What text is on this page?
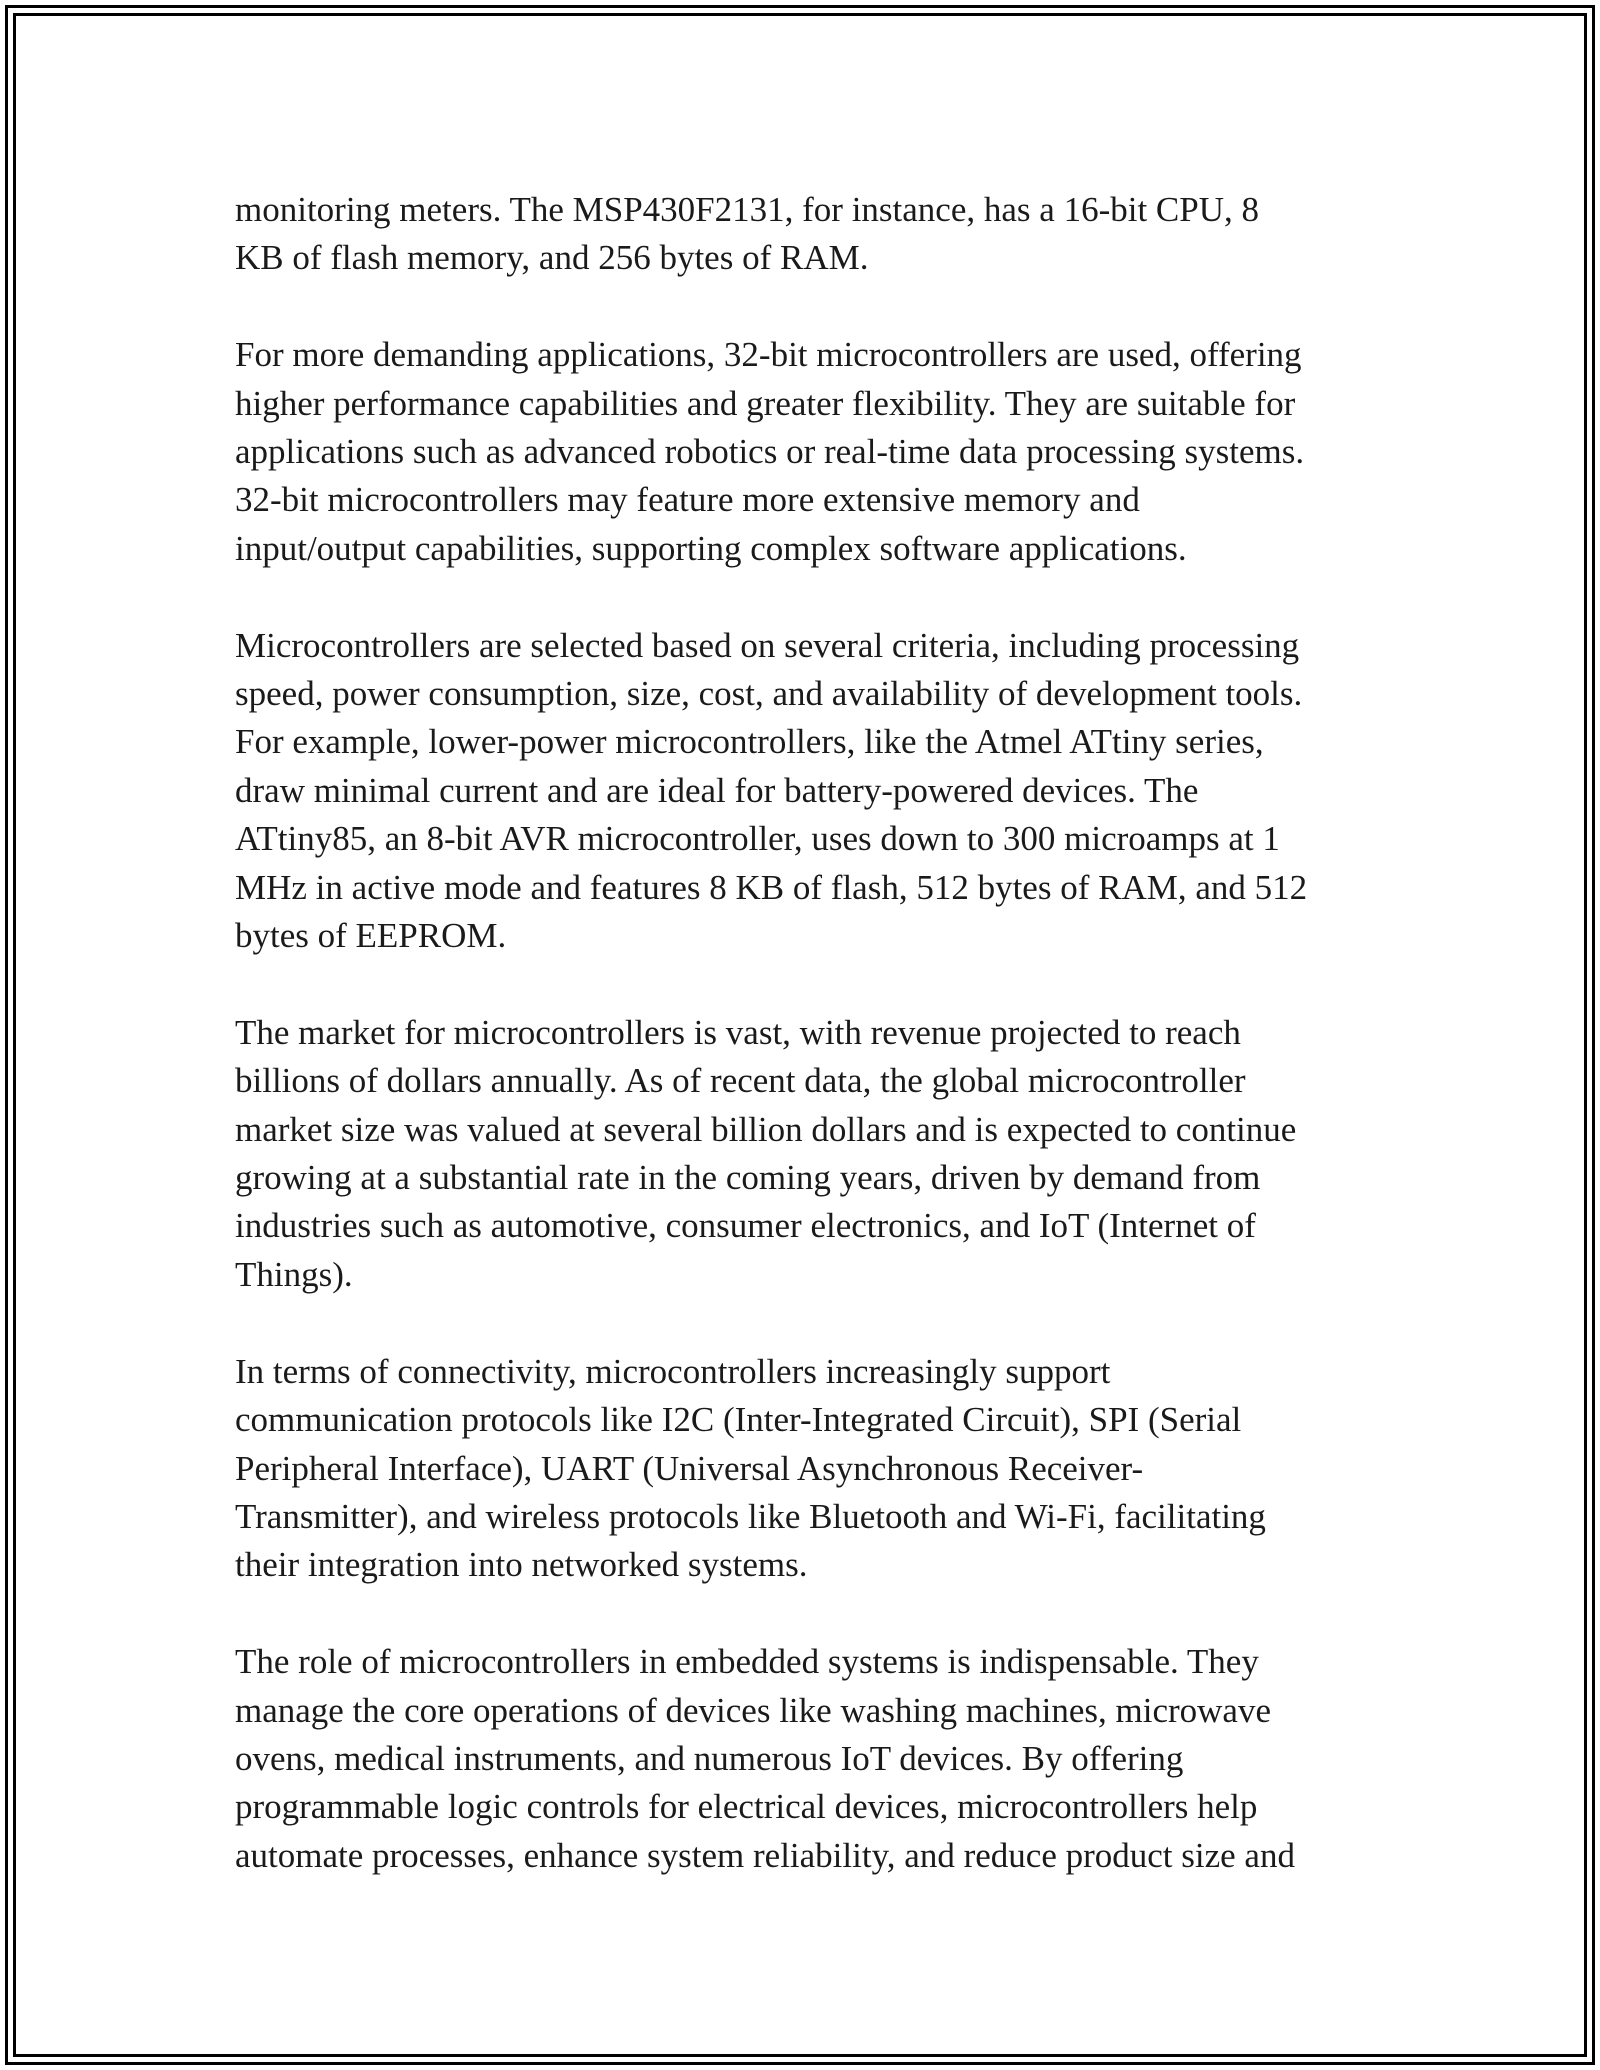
monitoring meters. The MSP430F2131, for instance, has a 16-bit CPU, 8
KB of flash memory, and 256 bytes of RAM.

For more demanding applications, 32-bit microcontrollers are used, offering
higher performance capabilities and greater flexibility. They are suitable for
applications such as advanced robotics or real-time data processing systems.
32-bit microcontrollers may feature more extensive memory and
input/output capabilities, supporting complex software applications.

Microcontrollers are selected based on several criteria, including processing
speed, power consumption, size, cost, and availability of development tools.
For example, lower-power microcontrollers, like the Atmel ATtiny series,
draw minimal current and are ideal for battery-powered devices. The
ATtiny85, an 8-bit AVR microcontroller, uses down to 300 microamps at 1
MHz in active mode and features 8 KB of flash, 512 bytes of RAM, and 512
bytes of EEPROM.

The market for microcontrollers is vast, with revenue projected to reach
billions of dollars annually. As of recent data, the global microcontroller
market size was valued at several billion dollars and is expected to continue
growing at a substantial rate in the coming years, driven by demand from
industries such as automotive, consumer electronics, and IoT (Internet of
Things).

In terms of connectivity, microcontrollers increasingly support
communication protocols like I2C (Inter-Integrated Circuit), SPI (Serial
Peripheral Interface), UART (Universal Asynchronous Receiver-
Transmitter), and wireless protocols like Bluetooth and Wi-Fi, facilitating
their integration into networked systems.

The role of microcontrollers in embedded systems is indispensable. They
manage the core operations of devices like washing machines, microwave
ovens, medical instruments, and numerous IoT devices. By offering
programmable logic controls for electrical devices, microcontrollers help
automate processes, enhance system reliability, and reduce product size and
